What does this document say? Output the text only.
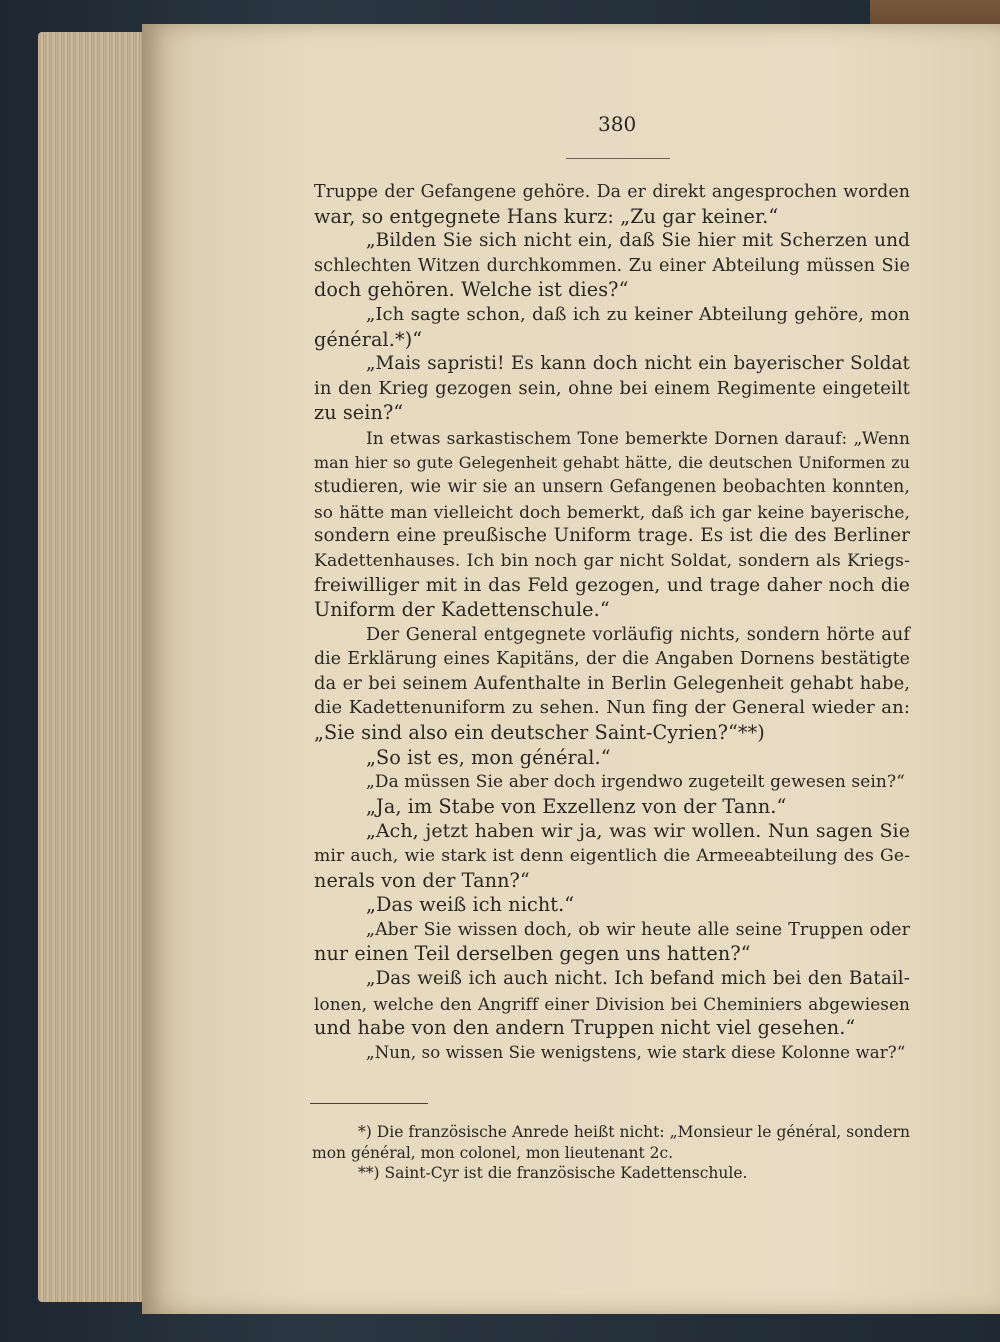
380
Truppe der Gefangene gehöre. Da er direkt angesprochen worden
war, so entgegnete Hans kurz: „Zu gar keiner.“
„Bilden Sie sich nicht ein, daß Sie hier mit Scherzen und
schlechten Witzen durchkommen. Zu einer Abteilung müssen Sie
doch gehören. Welche ist dies?“
„Ich sagte schon, daß ich zu keiner Abteilung gehöre, mon
général.*)“
„Mais sapristi! Es kann doch nicht ein bayerischer Soldat
in den Krieg gezogen sein, ohne bei einem Regimente eingeteilt
zu sein?“
In etwas sarkastischem Tone bemerkte Dornen darauf: „Wenn
man hier so gute Gelegenheit gehabt hätte, die deutschen Uniformen zu
studieren, wie wir sie an unsern Gefangenen beobachten konnten,
so hätte man vielleicht doch bemerkt, daß ich gar keine bayerische,
sondern eine preußische Uniform trage. Es ist die des Berliner
Kadettenhauses. Ich bin noch gar nicht Soldat, sondern als Kriegs-
freiwilliger mit in das Feld gezogen, und trage daher noch die
Uniform der Kadettenschule.“
Der General entgegnete vorläufig nichts, sondern hörte auf
die Erklärung eines Kapitäns, der die Angaben Dornens bestätigte
da er bei seinem Aufenthalte in Berlin Gelegenheit gehabt habe,
die Kadettenuniform zu sehen. Nun fing der General wieder an:
„Sie sind also ein deutscher Saint-Cyrien?“**)
„So ist es, mon général.“
„Da müssen Sie aber doch irgendwo zugeteilt gewesen sein?“
„Ja, im Stabe von Exzellenz von der Tann.“
„Ach, jetzt haben wir ja, was wir wollen. Nun sagen Sie
mir auch, wie stark ist denn eigentlich die Armeeabteilung des Ge-
nerals von der Tann?“
„Das weiß ich nicht.“
„Aber Sie wissen doch, ob wir heute alle seine Truppen oder
nur einen Teil derselben gegen uns hatten?“
„Das weiß ich auch nicht. Ich befand mich bei den Batail-
lonen, welche den Angriff einer Division bei Cheminiers abgewiesen
und habe von den andern Truppen nicht viel gesehen.“
„Nun, so wissen Sie wenigstens, wie stark diese Kolonne war?“
*) Die französische Anrede heißt nicht: „Monsieur le général, sondern
mon général, mon colonel, mon lieutenant 2c.
**) Saint-Cyr ist die französische Kadettenschule.
